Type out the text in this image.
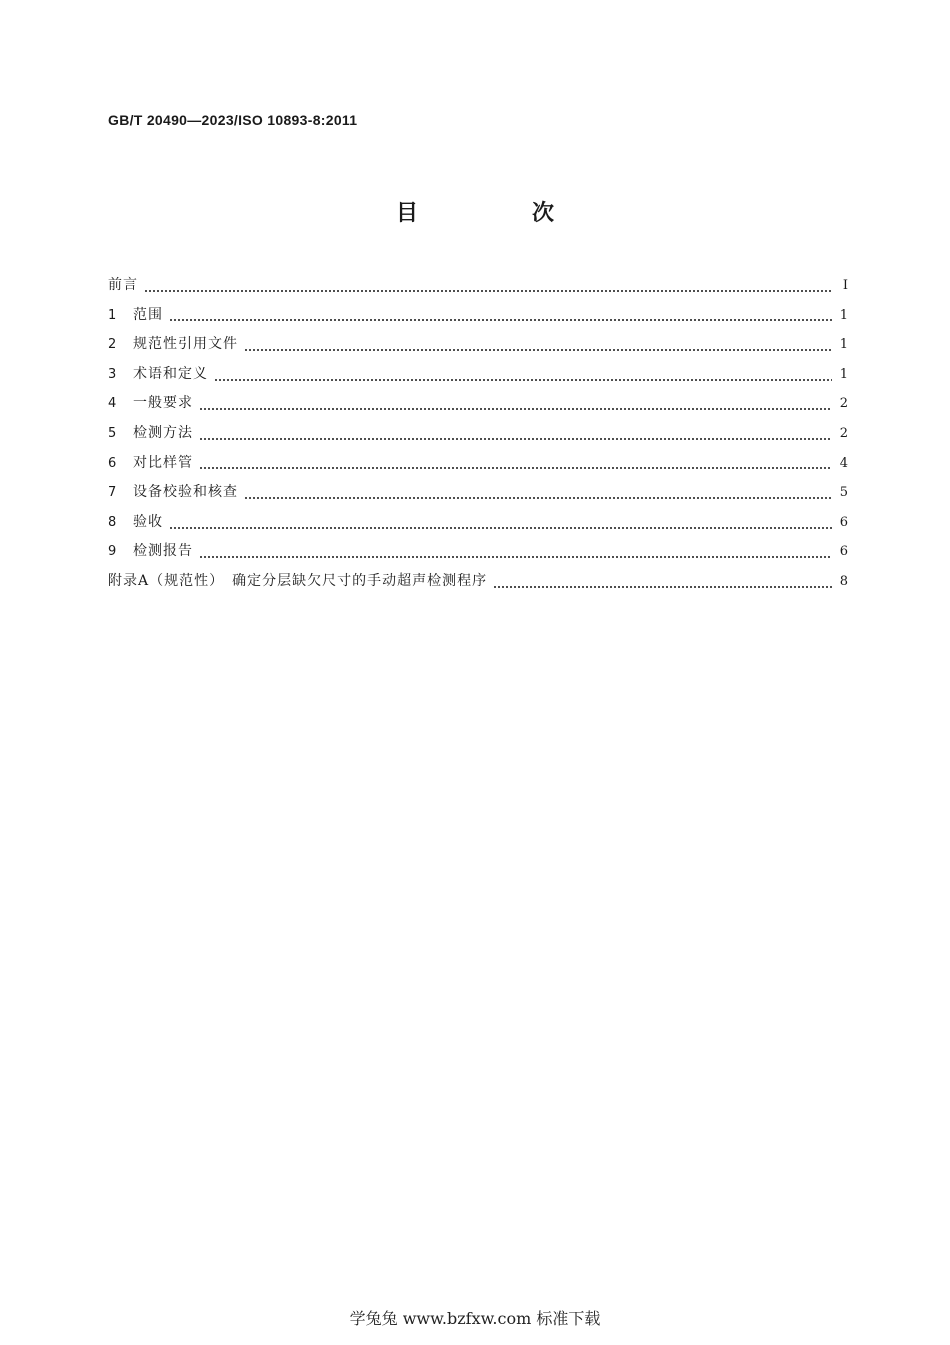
GB/T 20490—2023/ISO 10893-8:2011
目　次
前言	Ⅰ
1	范围	1
2	规范性引用文件	1
3	术语和定义	1
4	一般要求	2
5	检测方法	2
6	对比样管	4
7	设备校验和核查	5
8	验收	6
9	检测报告	6
附录A（规范性）　确定分层缺欠尺寸的手动超声检测程序	8
学兔兔 www.bzfxw.com 标准下载
